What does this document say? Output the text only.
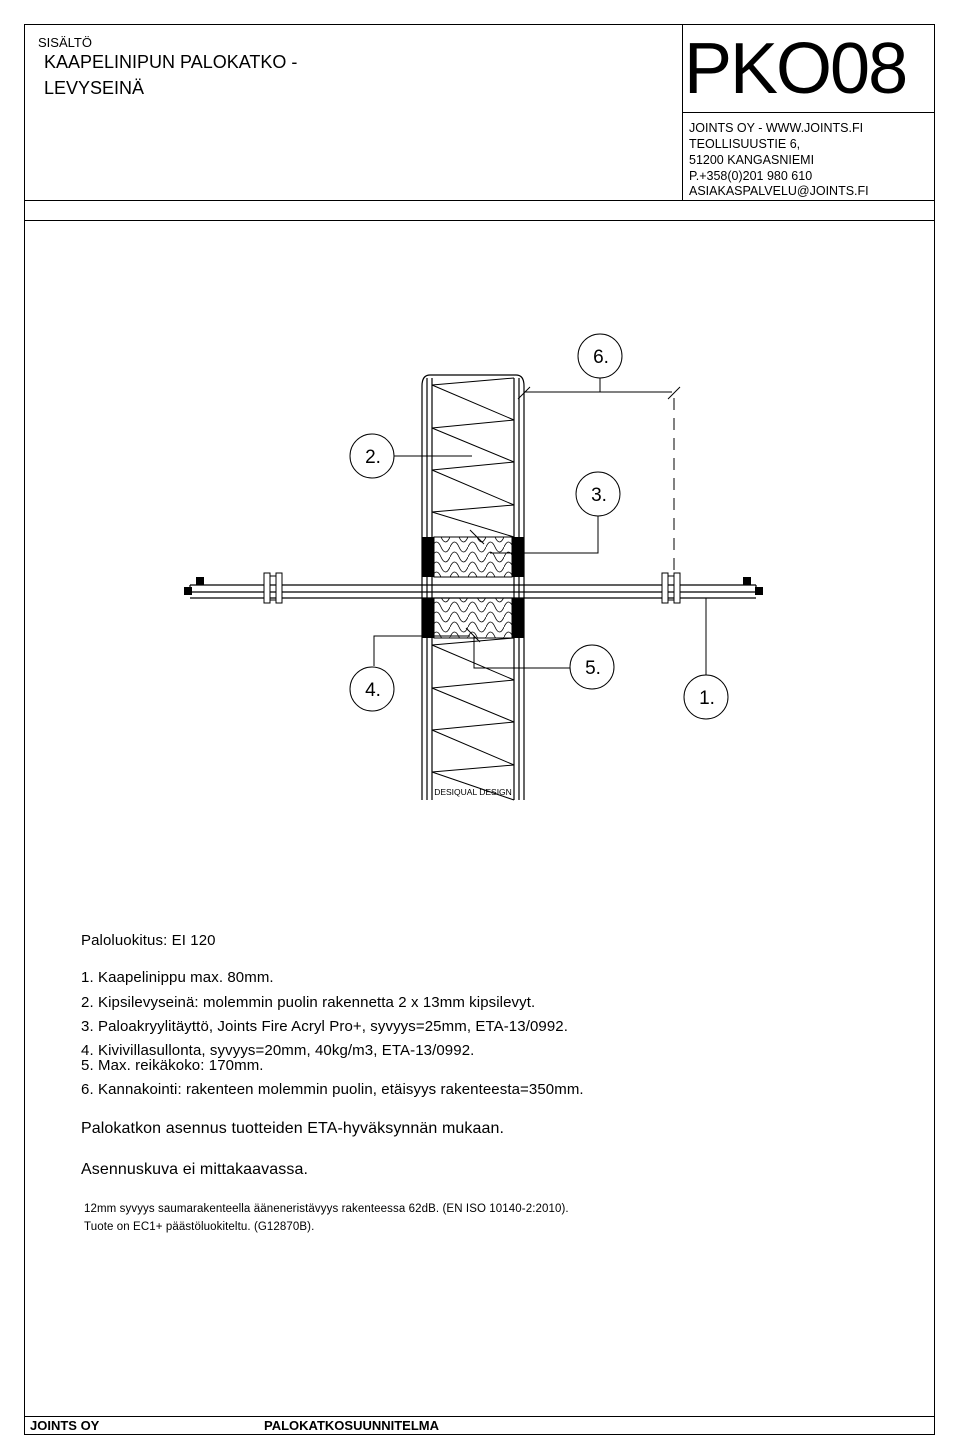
SISÄLTÖ
KAAPELINIPUN PALOKATKO -
LEVYSEINÄ	PKO08
JOINTS OY - WWW.JOINTS.FI
TEOLLISUUSTIE 6,
51200 KANGASNIEMI
P.+358(0)201 980 610
ASIAKASPALVELU@JOINTS.FI
6.
2.
3.
4.
5.
1.
DESIQUAL DESIGN
Paloluokitus: EI 120
1. Kaapelinippu max. 80mm.
2. Kipsilevyseinä: molemmin puolin rakennetta 2 x 13mm kipsilevyt.
3. Paloakryylitäyttö, Joints Fire Acryl Pro+, syvyys=25mm, ETA-13/0992.
4. Kivivillasullonta, syvyys=20mm, 40kg/m3, ETA-13/0992.
5. Max. reikäkoko: 170mm.
6. Kannakointi: rakenteen molemmin puolin, etäisyys rakenteesta=350mm.
Palokatkon asennus tuotteiden ETA-hyväksynnän mukaan.
Asennuskuva ei mittakaavassa.
12mm syvyys saumarakenteella ääneneristävyys rakenteessa 62dB. (EN ISO 10140-2:2010).
Tuote on EC1+ päästöluokiteltu. (G12870B).
JOINTS OY	PALOKATKOSUUNNITELMA
